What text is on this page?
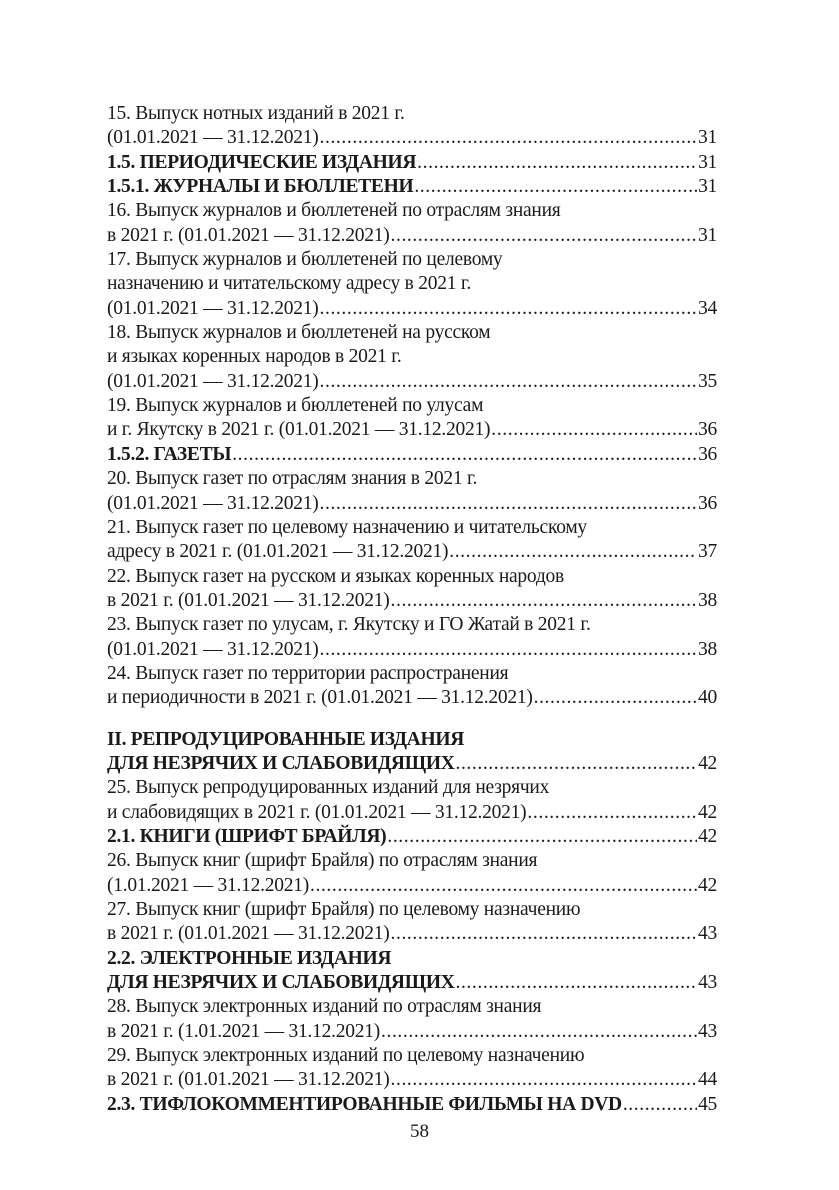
15. Выпуск нотных изданий в 2021 г.
(01.01.2021 — 31.12.2021) .....	31
1.5. ПЕРИОДИЧЕСКИЕ ИЗДАНИЯ .....	31
1.5.1. ЖУРНАЛЫ И БЮЛЛЕТЕНИ .....	31
16. Выпуск журналов и бюллетеней по отраслям знания
в 2021 г. (01.01.2021 — 31.12.2021) .....	31
17. Выпуск журналов и бюллетеней по целевому
назначению и читательскому адресу в 2021 г.
(01.01.2021 — 31.12.2021) .....	34
18. Выпуск журналов и бюллетеней на русском
и языках коренных народов в 2021 г.
(01.01.2021 — 31.12.2021) .....	35
19. Выпуск журналов и бюллетеней по улусам
и г. Якутску в 2021 г. (01.01.2021 — 31.12.2021) .....	36
1.5.2. ГАЗЕТЫ .....	36
20. Выпуск газет по отраслям знания в 2021 г.
(01.01.2021 — 31.12.2021) .....	36
21. Выпуск газет по целевому назначению и читательскому
адресу в 2021 г. (01.01.2021 — 31.12.2021) .....	37
22. Выпуск газет на русском и языках коренных народов
в 2021 г. (01.01.2021 — 31.12.2021) .....	38
23. Выпуск газет по улусам, г. Якутску и ГО Жатай в 2021 г.
(01.01.2021 — 31.12.2021) .....	38
24. Выпуск газет по территории распространения
и периодичности в 2021 г. (01.01.2021 — 31.12.2021) .....	40
II. РЕПРОДУЦИРОВАННЫЕ ИЗДАНИЯ
ДЛЯ НЕЗРЯЧИХ И СЛАБОВИДЯЩИХ .....	42
25. Выпуск репродуцированных изданий для незрячих
и слабовидящих в 2021 г. (01.01.2021 — 31.12.2021) .....	42
2.1. КНИГИ (ШРИФТ БРАЙЛЯ) .....	42
26. Выпуск книг (шрифт Брайля) по отраслям знания
(1.01.2021 — 31.12.2021) .....	42
27. Выпуск книг (шрифт Брайля) по целевому назначению
в 2021 г. (01.01.2021 — 31.12.2021) .....	43
2.2. ЭЛЕКТРОННЫЕ ИЗДАНИЯ
ДЛЯ НЕЗРЯЧИХ И СЛАБОВИДЯЩИХ .....	43
28. Выпуск электронных изданий по отраслям знания
в 2021 г. (1.01.2021 — 31.12.2021) .....	43
29. Выпуск электронных изданий по целевому назначению
в 2021 г. (01.01.2021 — 31.12.2021) .....	44
2.3. ТИФЛОКОММЕНТИРОВАННЫЕ ФИЛЬМЫ НА DVD .....	45
58
